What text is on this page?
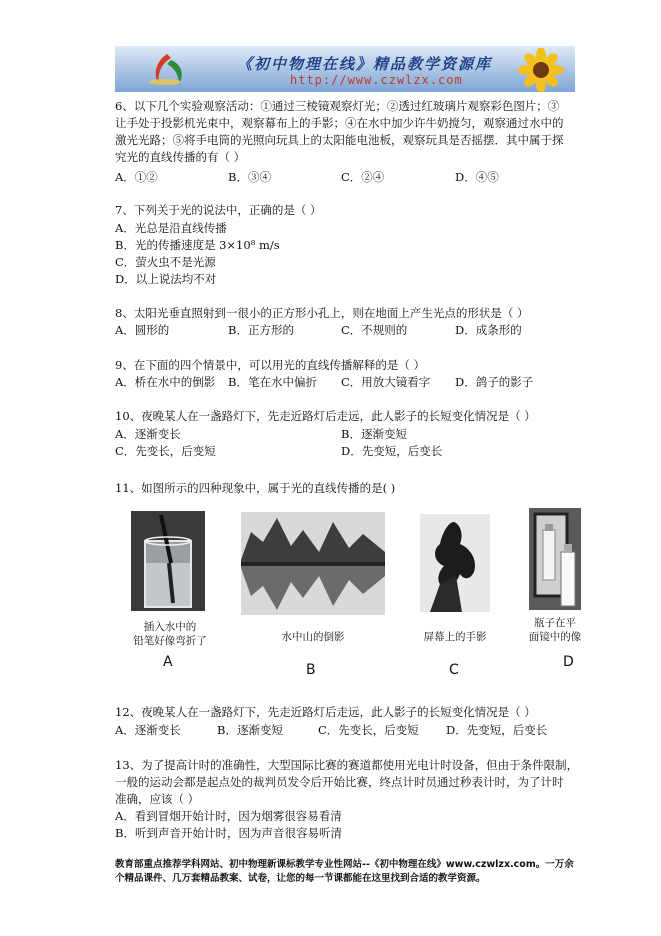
《初中物理在线》精品教学资源库
http://www.czwlzx.com
6、以下几个实验观察活动：①通过三棱镜观察灯光；②透过红玻璃片观察彩色图片；③
让手处于投影机光束中，观察幕布上的手影；④在水中加少许牛奶搅匀，观察通过水中的
激光光路；⑤将手电筒的光照向玩具上的太阳能电池板，观察玩具是否摇摆．其中属于探
究光的直线传播的有（ ）
A．①②	B．③④	C．②④	D．④⑤
7、下列关于光的说法中，正确的是（ ）
A．光总是沿直线传播
B．光的传播速度是 3×10⁸ m/s
C．萤火虫不是光源
D．以上说法均不对
8、太阳光垂直照射到一很小的正方形小孔上，则在地面上产生光点的形状是（ ）
A．圆形的	B．正方形的	C．不规则的	D．成条形的
9、在下面的四个情景中，可以用光的直线传播解释的是（ ）
A．桥在水中的倒影 B．笔在水中偏折 C．用放大镜看字 D．鸽子的影子
10、夜晚某人在一盏路灯下，先走近路灯后走远，此人影子的长短变化情况是（ ）
A．逐渐变长	B．逐渐变短
C．先变长，后变短	D．先变短，后变长
11、如图所示的四种现象中，属于光的直线传播的是( )
插入水中的
铅笔好像弯折了
A
水中山的倒影
B
屏幕上的手影
C
瓶子在平
面镜中的像
D
12、夜晚某人在一盏路灯下，先走近路灯后走远，此人影子的长短变化情况是（ ）
A．逐渐变长	B．逐渐变短	C．先变长，后变短 D．先变短，后变长
13、为了提高计时的准确性，大型国际比赛的赛道都使用光电计时设备，但由于条件限制，
一般的运动会都是起点处的裁判员发令后开始比赛，终点计时员通过秒表计时，为了计时
准确，应该（ ）
A．看到冒烟开始计时，因为烟雾很容易看清
B．听到声音开始计时，因为声音很容易听清
教育部重点推荐学科网站、初中物理新课标教学专业性网站--《初中物理在线》www.czwlzx.com。一万余
个精品课件、几万套精品教案、试卷，让您的每一节课都能在这里找到合适的教学资源。
